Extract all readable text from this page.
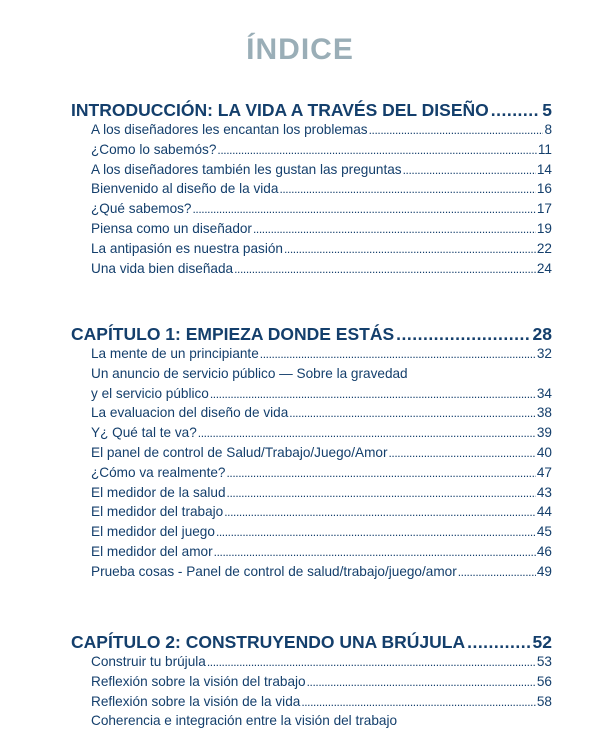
ÍNDICE
INTRODUCCIÓN: LA VIDA A TRAVÉS DEL DISEÑO .....	5
A los diseñadores les encantan los problemas .....	8
¿Como lo sabemós? .....	11
A los diseñadores también les gustan las preguntas .....	14
Bienvenido al diseño de la vida .....	16
¿Qué sabemos? .....	17
Piensa como un diseñador .....	19
La antipasión es nuestra pasión .....	22
Una vida bien diseñada .....	24
CAPÍTULO 1: EMPIEZA DONDE ESTÁS .....	28
La mente de un principiante .....	32
Un anuncio de servicio público — Sobre la gravedad
y el servicio público .....	34
La evaluacion del diseño de vida .....	38
Y¿ Qué tal te va? .....	39
El panel de control de Salud/Trabajo/Juego/Amor .....	40
¿Cómo va realmente? .....	47
El medidor de la salud .....	43
El medidor del trabajo .....	44
El medidor del juego .....	45
El medidor del amor .....	46
Prueba cosas - Panel de control de salud/trabajo/juego/amor .....	49
CAPÍTULO 2: CONSTRUYENDO UNA BRÚJULA .....	52
Construir tu brújula .....	53
Reflexión sobre la visión del trabajo .....	56
Reflexión sobre la visión de la vida .....	58
Coherencia e integración entre la visión del trabajo
